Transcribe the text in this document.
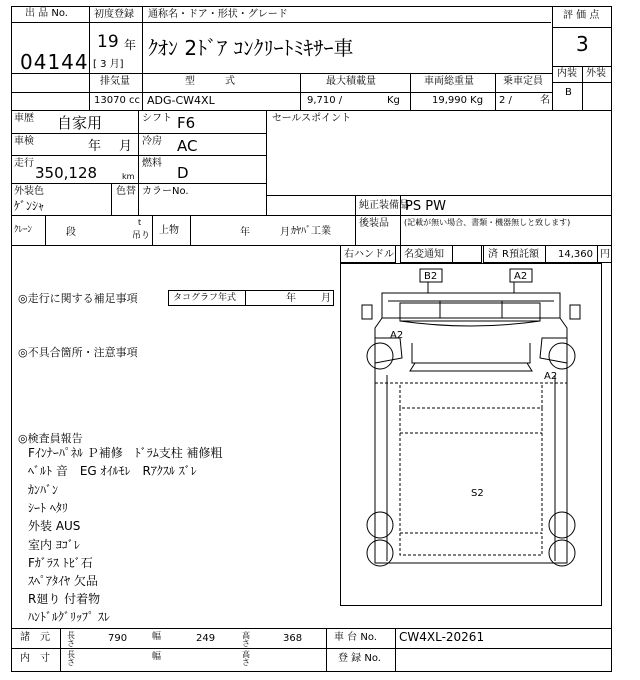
出 品 No.
04144
初度登録
19 年
[ 3 月]
通称名・ドア・形状・グレード
ｸｵﾝ 2ﾄﾞｱ ｺﾝｸﾘｰﾄﾐｷｻｰ車
評 価 点
3
内装 外装
B
排気量
13070 cc
型　　　式
ADG-CW4XL
最大積載量
9,710 /	Kg
車両総重量
19,990 Kg
乗車定員
2 /	名
車歴 自家用	シフト F6
車検	年 月 冷房 AC
走行
350,128	km
燃料
D
外装色
ｹﾞﾝｼｬ
色替 カラーNo.
セールスポイント
純正装備品
PS PW
後装品 (記載が無い場合、書類・機器無しと致します)
ｸﾚｰﾝ	段
t
吊り 上物	年	月 ｶﾔﾊﾞ工業
右ハンドル 名変通知	済 R預託額 14,360 円
◎走行に関する補足事項	タコグラフ年式	年	月
◎不具合箇所・注意事項
◎検査員報告
Fｲﾝﾅｰﾊﾟﾈﾙ Ｐ補修　ﾄﾞﾗﾑ支柱 補修粗
ﾍﾞﾙﾄ 音　EG ｵｲﾙﾓﾚ　Rｱｸｽﾙ ｽﾞﾚ
ｶﾝﾊﾞﾝ
ｼｰﾄ ﾍﾀﾘ
外装 AUS
室内 ﾖｺﾞﾚ
Fｶﾞﾗｽ ﾄﾋﾞ石
ｽﾍﾟｱﾀｲﾔ 欠品
R廻り 付着物
ﾊﾝﾄﾞﾙｸﾞﾘｯﾌﾟ ｽﾚ
B2	A2
A2
A2
S2
諸　元 長さ	790	幅	249	高さ	368	車 台 No. CW4XL-20261
内　寸 長さ
幅	高さ	登 録 No.
